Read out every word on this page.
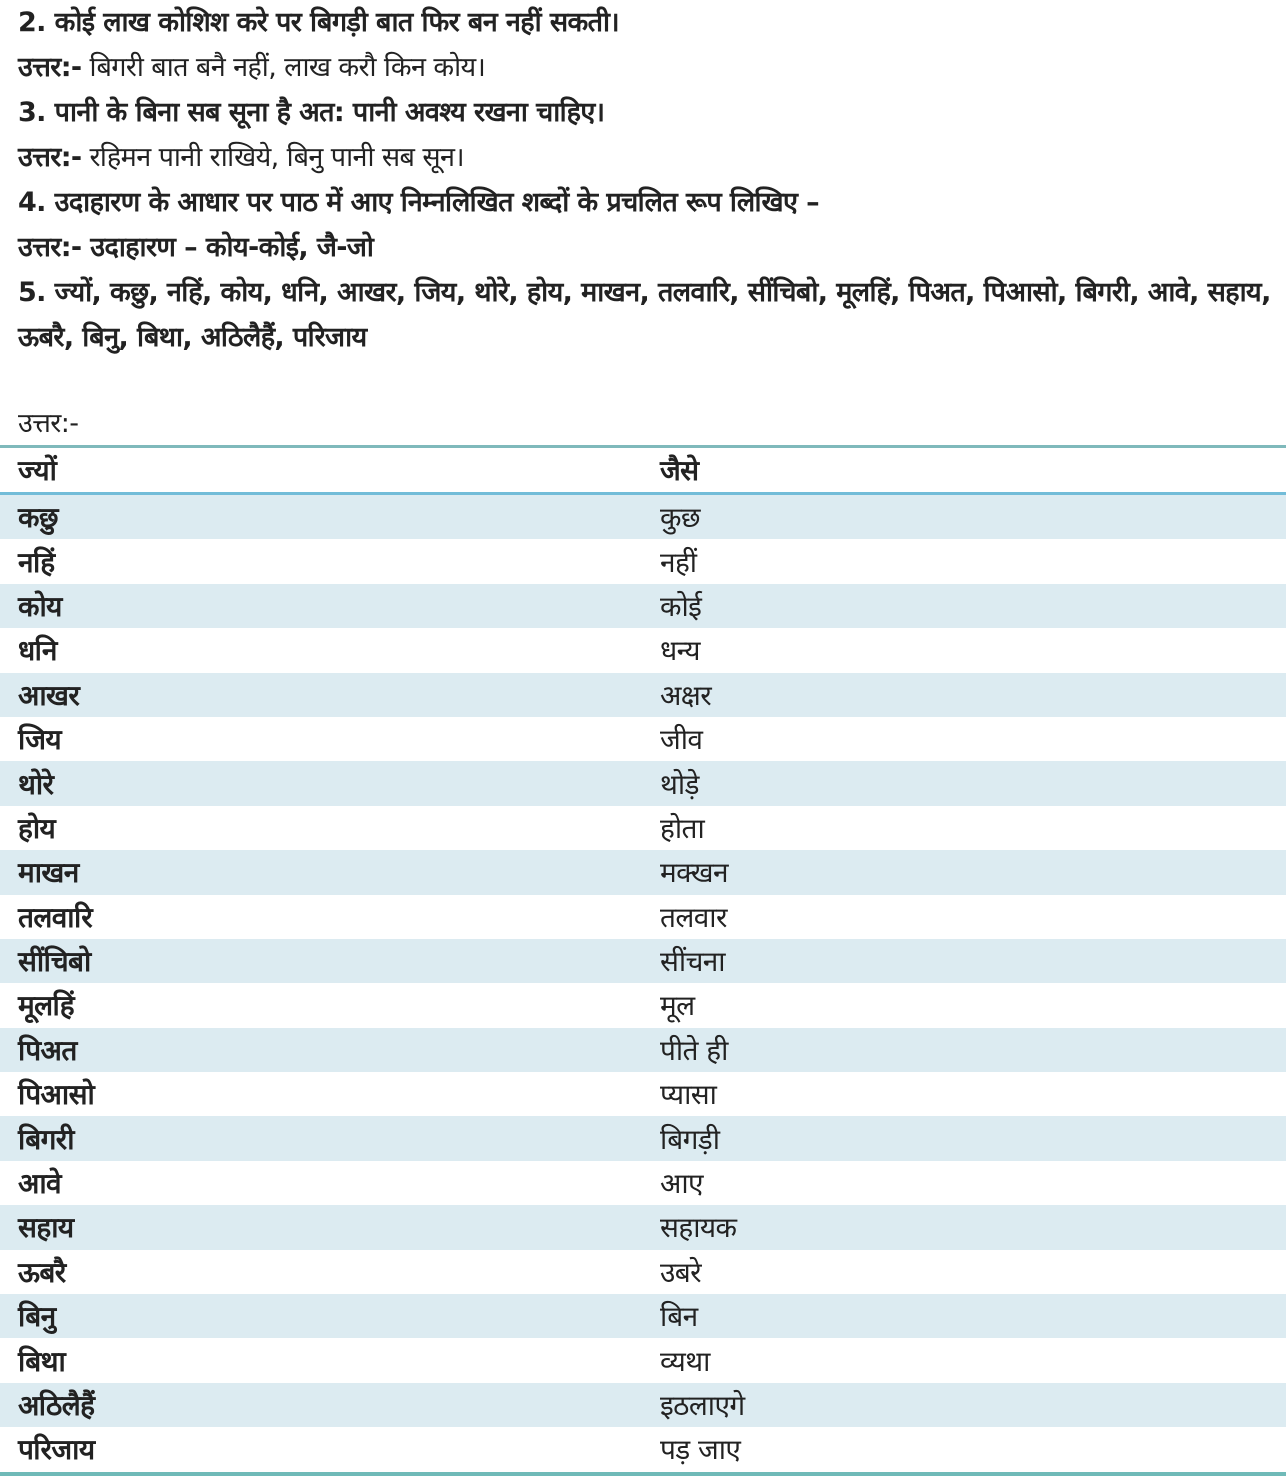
2. कोई लाख कोशिश करे पर बिगड़ी बात फिर बन नहीं सकती।
उत्तर:- बिगरी बात बनै नहीं, लाख करौ किन कोय।
3. पानी के बिना सब सूना है अत: पानी अवश्य रखना चाहिए।
उत्तर:- रहिमन पानी राखिये, बिनु पानी सब सून।
4. उदाहारण के आधार पर पाठ में आए निम्नलिखित शब्दों के प्रचलित रूप लिखिए –
उत्तर:- उदाहारण – कोय-कोई, जै-जो
5. ज्यों, कछु, नहिं, कोय, धनि, आखर, जिय, थोरे, होय, माखन, तलवारि, सींचिबो, मूलहिं, पिअत, पिआसो, बिगरी, आवे, सहाय, ऊबरै, बिनु, बिथा, अठिलैहैं, परिजाय
उत्तर:-
ज्यों	जैसे
कछु	कुछ
नहिं	नहीं
कोय	कोई
धनि	धन्य
आखर	अक्षर
जिय	जीव
थोरे	थोड़े
होय	होता
माखन	मक्खन
तलवारि	तलवार
सींचिबो	सींचना
मूलहिं	मूल
पिअत	पीते ही
पिआसो	प्यासा
बिगरी	बिगड़ी
आवे	आए
सहाय	सहायक
ऊबरै	उबरे
बिनु	बिन
बिथा	व्यथा
अठिलैहैं	इठलाएगे
परिजाय	पड़ जाए
